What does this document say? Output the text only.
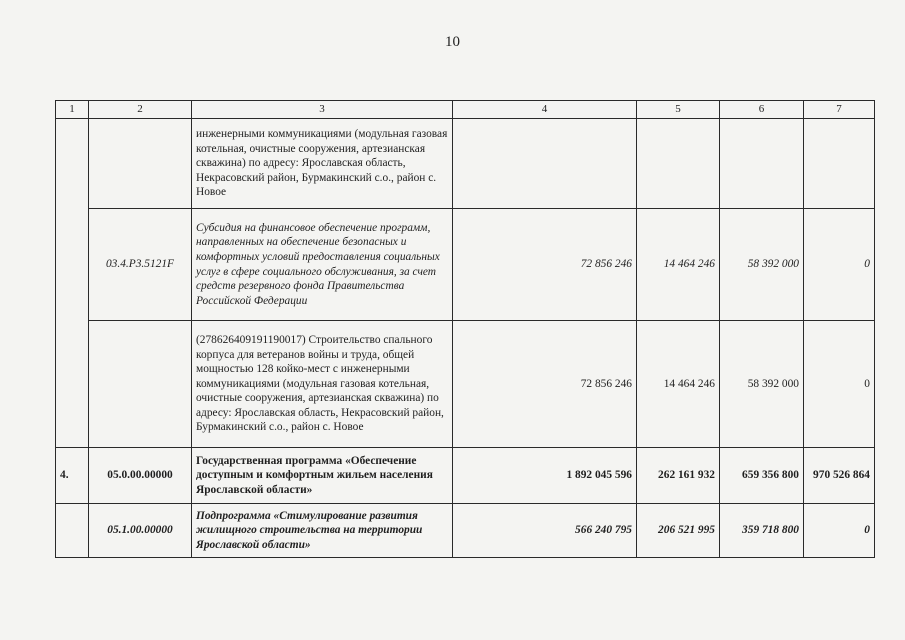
10
1	2	3	4	5	6	7
		инженерными коммуникациями (модульная газовая котельная, очистные сооружения, артезианская скважина) по адресу: Ярославская область, Некрасовский район, Бурмакинский с.о., район с. Новое				
	03.4.P3.5121F	Субсидия на финансовое обеспечение программ, направленных на обеспечение безопасных и комфортных условий предоставления социальных услуг в сфере социального обслуживания, за счет средств резервного фонда Правительства Российской Федерации	72 856 246	14 464 246	58 392 000	0
		(278626409191190017) Строительство спального корпуса для ветеранов войны и труда, общей мощностью 128 койко-мест с инженерными коммуникациями (модульная газовая котельная, очистные сооружения, артезианская скважина) по адресу: Ярославская область, Некрасовский район, Бурмакинский с.о., район с. Новое	72 856 246	14 464 246	58 392 000	0
4.	05.0.00.00000	Государственная программа «Обеспечение доступным и комфортным жильем населения Ярославской области»	1 892 045 596	262 161 932	659 356 800	970 526 864
	05.1.00.00000	Подпрограмма «Стимулирование развития жилищного строительства на территории Ярославской области»	566 240 795	206 521 995	359 718 800	0
